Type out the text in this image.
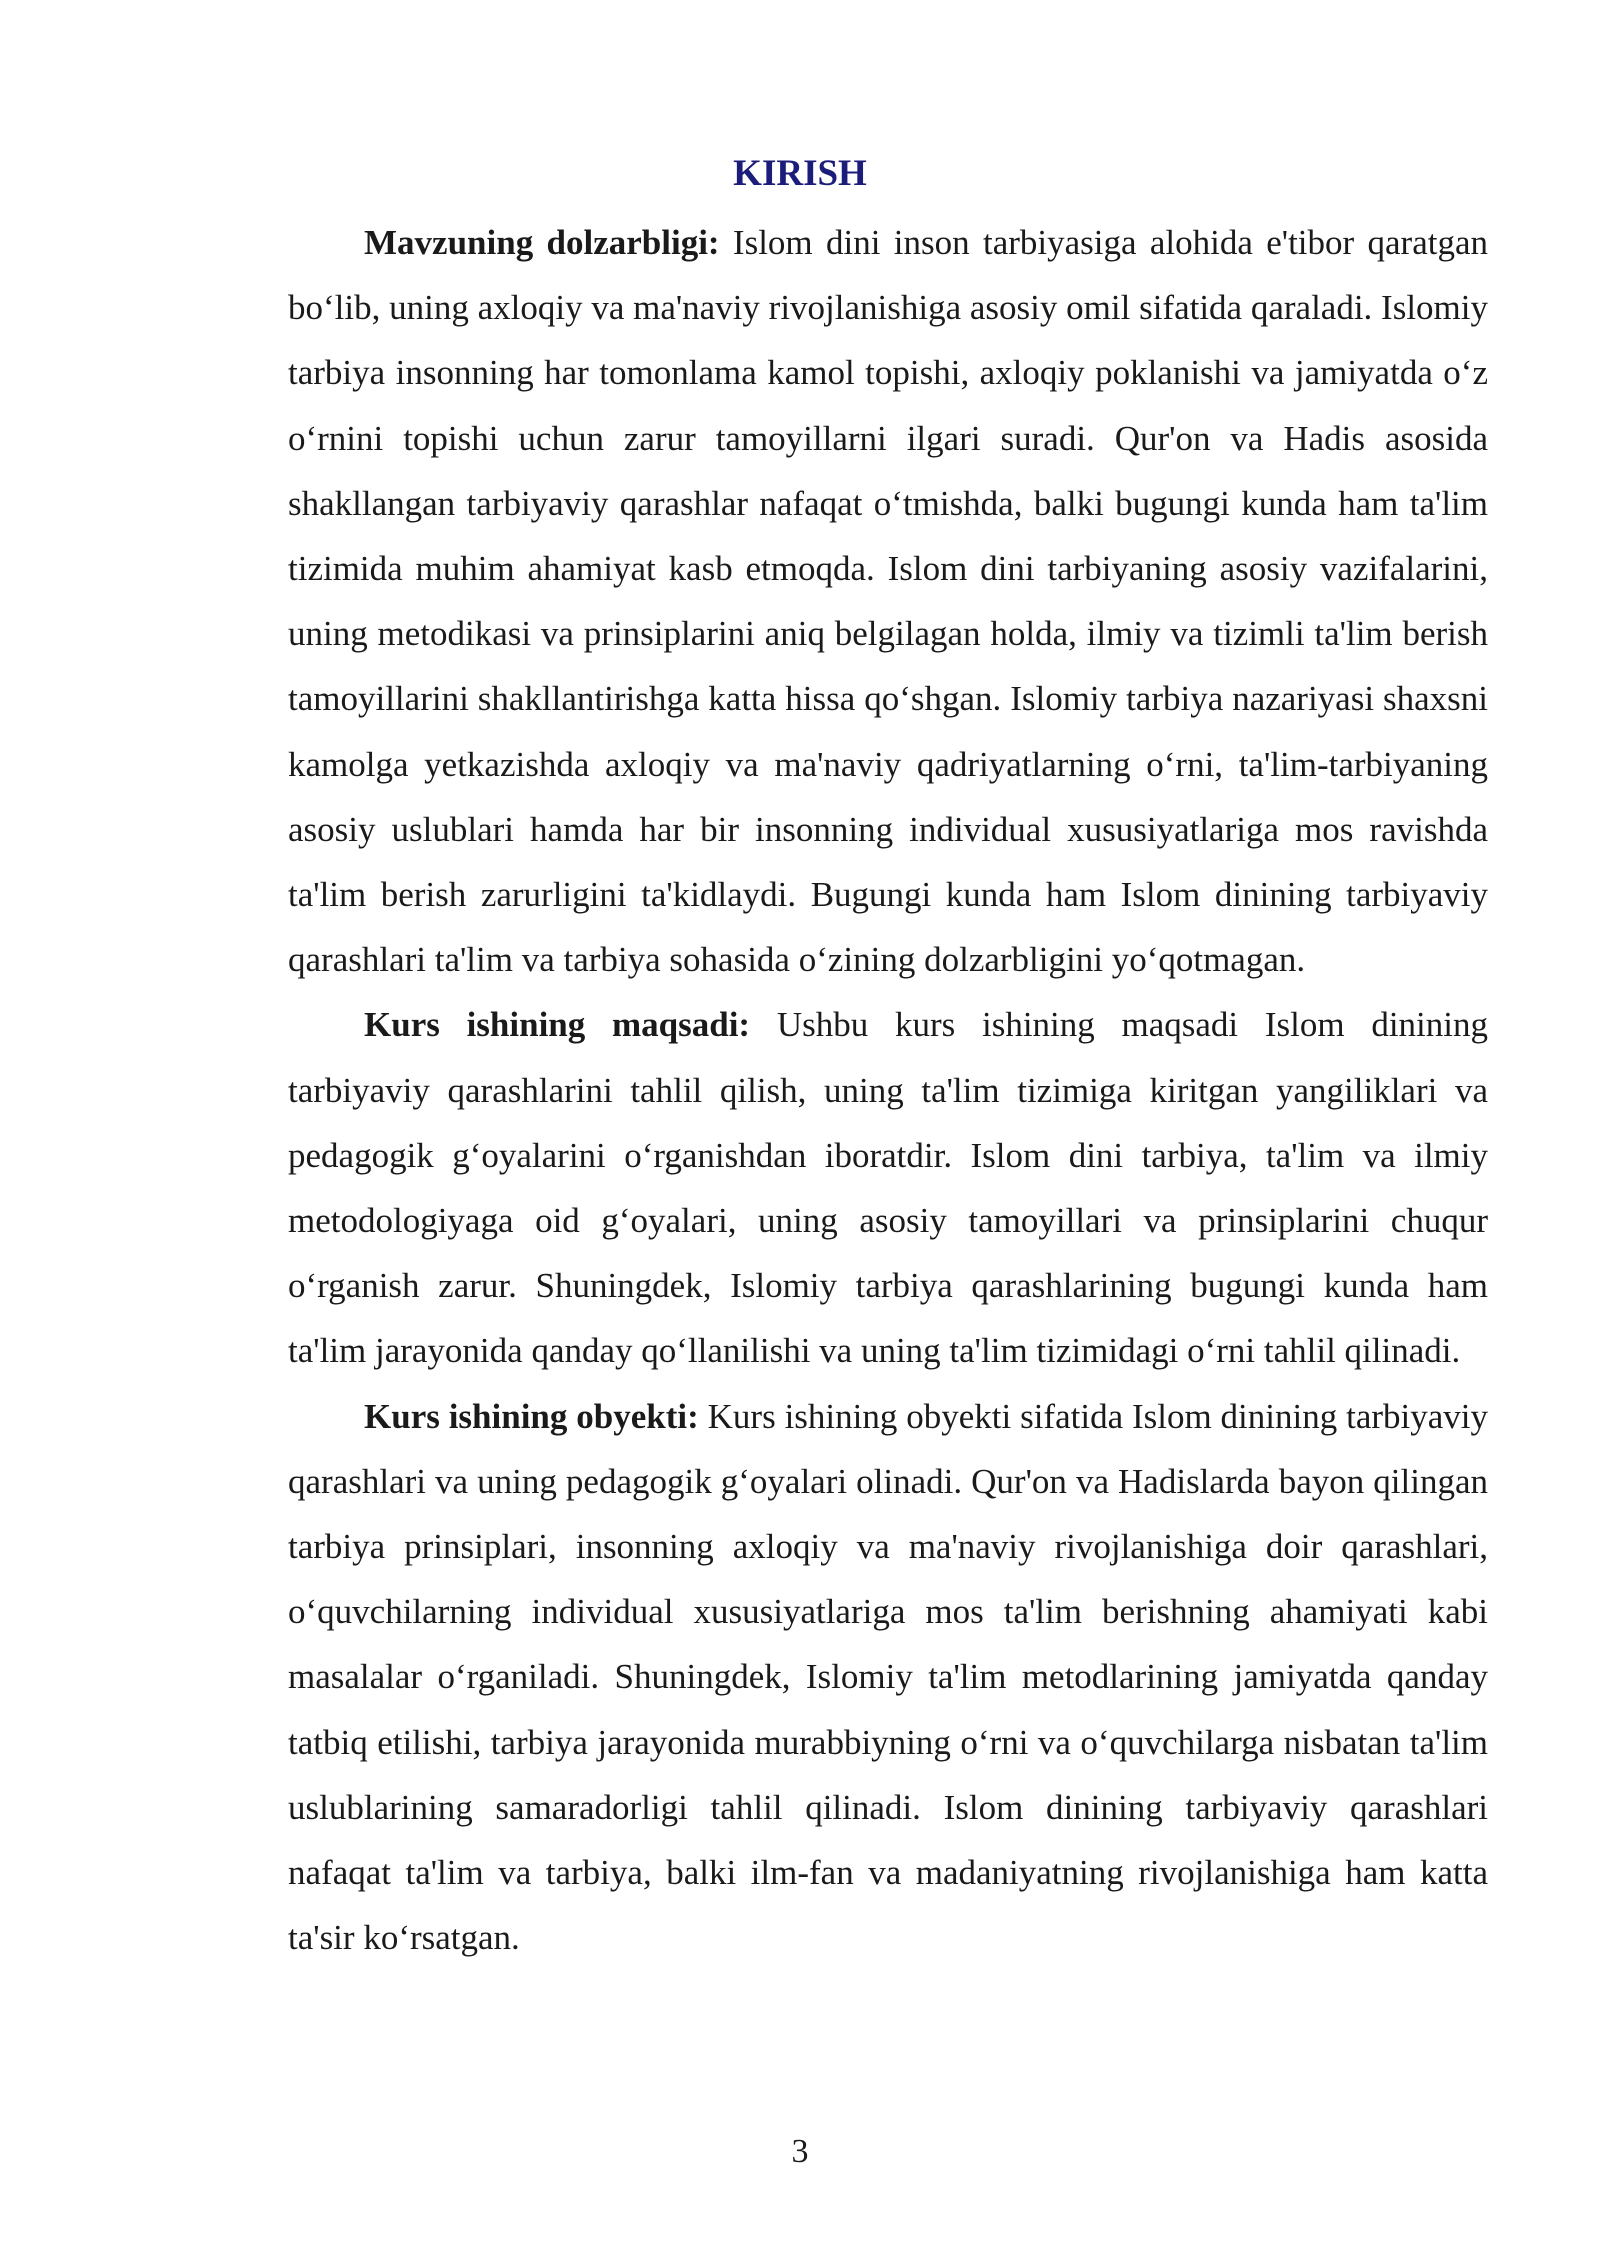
KIRISH

Mavzuning dolzarbligi: Islom dini inson tarbiyasiga alohida e'tibor qaratgan bo‘lib, uning axloqiy va ma'naviy rivojlanishiga asosiy omil sifatida qaraladi. Islomiy tarbiya insonning har tomonlama kamol topishi, axloqiy poklanishi va jamiyatda o‘z o‘rnini topishi uchun zarur tamoyillarni ilgari suradi. Qur'on va Hadis asosida shakllangan tarbiyaviy qarashlar nafaqat o‘tmishda, balki bugungi kunda ham ta'lim tizimida muhim ahamiyat kasb etmoqda. Islom dini tarbiyaning asosiy vazifalarini, uning metodikasi va prinsiplarini aniq belgilagan holda, ilmiy va tizimli ta'lim berish tamoyillarini shakllantirishga katta hissa qo‘shgan. Islomiy tarbiya nazariyasi shaxsni kamolga yetkazishda axloqiy va ma'naviy qadriyatlarning o‘rni, ta'lim-tarbiyaning asosiy uslublari hamda har bir insonning individual xususiyatlariga mos ravishda ta'lim berish zarurligini ta'kidlaydi. Bugungi kunda ham Islom dinining tarbiyaviy qarashlari ta'lim va tarbiya sohasida o‘zining dolzarbligini yo‘qotmagan.

Kurs ishining maqsadi: Ushbu kurs ishining maqsadi Islom dinining tarbiyaviy qarashlarini tahlil qilish, uning ta'lim tizimiga kiritgan yangiliklari va pedagogik g‘oyalarini o‘rganishdan iboratdir. Islom dini tarbiya, ta'lim va ilmiy metodologiyaga oid g‘oyalari, uning asosiy tamoyillari va prinsiplarini chuqur o‘rganish zarur. Shuningdek, Islomiy tarbiya qarashlarining bugungi kunda ham ta'lim jarayonida qanday qo‘llanilishi va uning ta'lim tizimidagi o‘rni tahlil qilinadi.

Kurs ishining obyekti: Kurs ishining obyekti sifatida Islom dinining tarbiyaviy qarashlari va uning pedagogik g‘oyalari olinadi. Qur'on va Hadislarda bayon qilingan tarbiya prinsiplari, insonning axloqiy va ma'naviy rivojlanishiga doir qarashlari, o‘quvchilarning individual xususiyatlariga mos ta'lim berishning ahamiyati kabi masalalar o‘rganiladi. Shuningdek, Islomiy ta'lim metodlarining jamiyatda qanday tatbiq etilishi, tarbiya jarayonida murabbiyning o‘rni va o‘quvchilarga nisbatan ta'lim uslublarining samaradorligi tahlil qilinadi. Islom dinining tarbiyaviy qarashlari nafaqat ta'lim va tarbiya, balki ilm-fan va madaniyatning rivojlanishiga ham katta ta'sir ko‘rsatgan.

3
